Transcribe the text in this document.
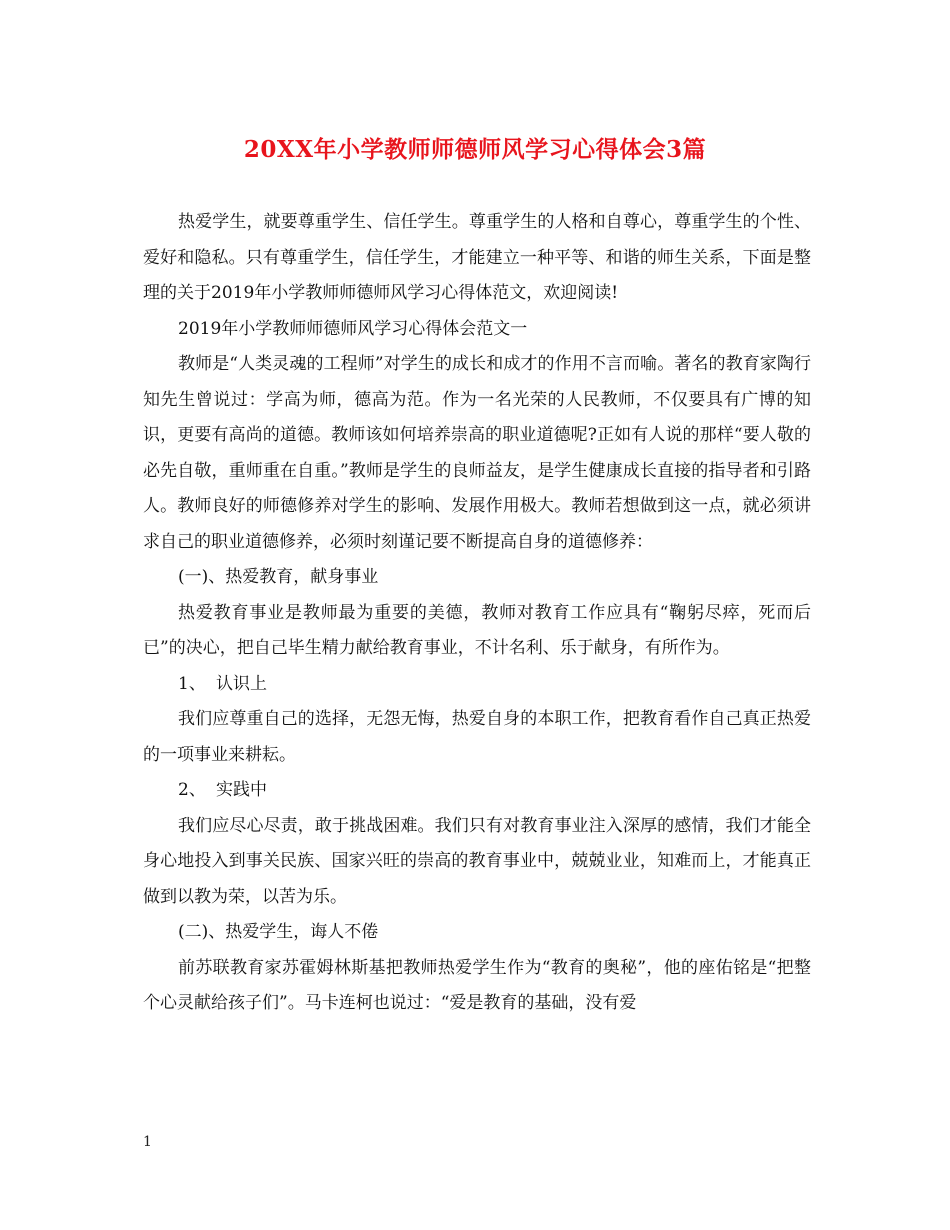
20XX年小学教师师德师风学习心得体会3篇

热爱学生，就要尊重学生、信任学生。尊重学生的人格和自尊心，尊重学生的个性、爱好和隐私。只有尊重学生，信任学生，才能建立一种平等、和谐的师生关系，下面是整理的关于2019年小学教师师德师风学习心得体范文，欢迎阅读!

2019年小学教师师德师风学习心得体会范文一

教师是“人类灵魂的工程师”对学生的成长和成才的作用不言而喻。著名的教育家陶行知先生曾说过：学高为师，德高为范。作为一名光荣的人民教师，不仅要具有广博的知识，更要有高尚的道德。教师该如何培养崇高的职业道德呢?正如有人说的那样“要人敬的必先自敬，重师重在自重。”教师是学生的良师益友，是学生健康成长直接的指导者和引路人。教师良好的师德修养对学生的影响、发展作用极大。教师若想做到这一点，就必须讲求自己的职业道德修养，必须时刻谨记要不断提高自身的道德修养：

(一)、热爱教育，献身事业

热爱教育事业是教师最为重要的美德，教师对教育工作应具有“鞠躬尽瘁，死而后已”的决心，把自己毕生精力献给教育事业，不计名利、乐于献身，有所作为。

1、 认识上

我们应尊重自己的选择，无怨无悔，热爱自身的本职工作，把教育看作自己真正热爱的一项事业来耕耘。

2、 实践中

我们应尽心尽责，敢于挑战困难。我们只有对教育事业注入深厚的感情，我们才能全身心地投入到事关民族、国家兴旺的崇高的教育事业中，兢兢业业，知难而上，才能真正做到以教为荣，以苦为乐。

(二)、热爱学生，诲人不倦

前苏联教育家苏霍姆林斯基把教师热爱学生作为“教育的奥秘”，他的座佑铭是“把整个心灵献给孩子们”。马卡连柯也说过：“爱是教育的基础，没有爱

1
